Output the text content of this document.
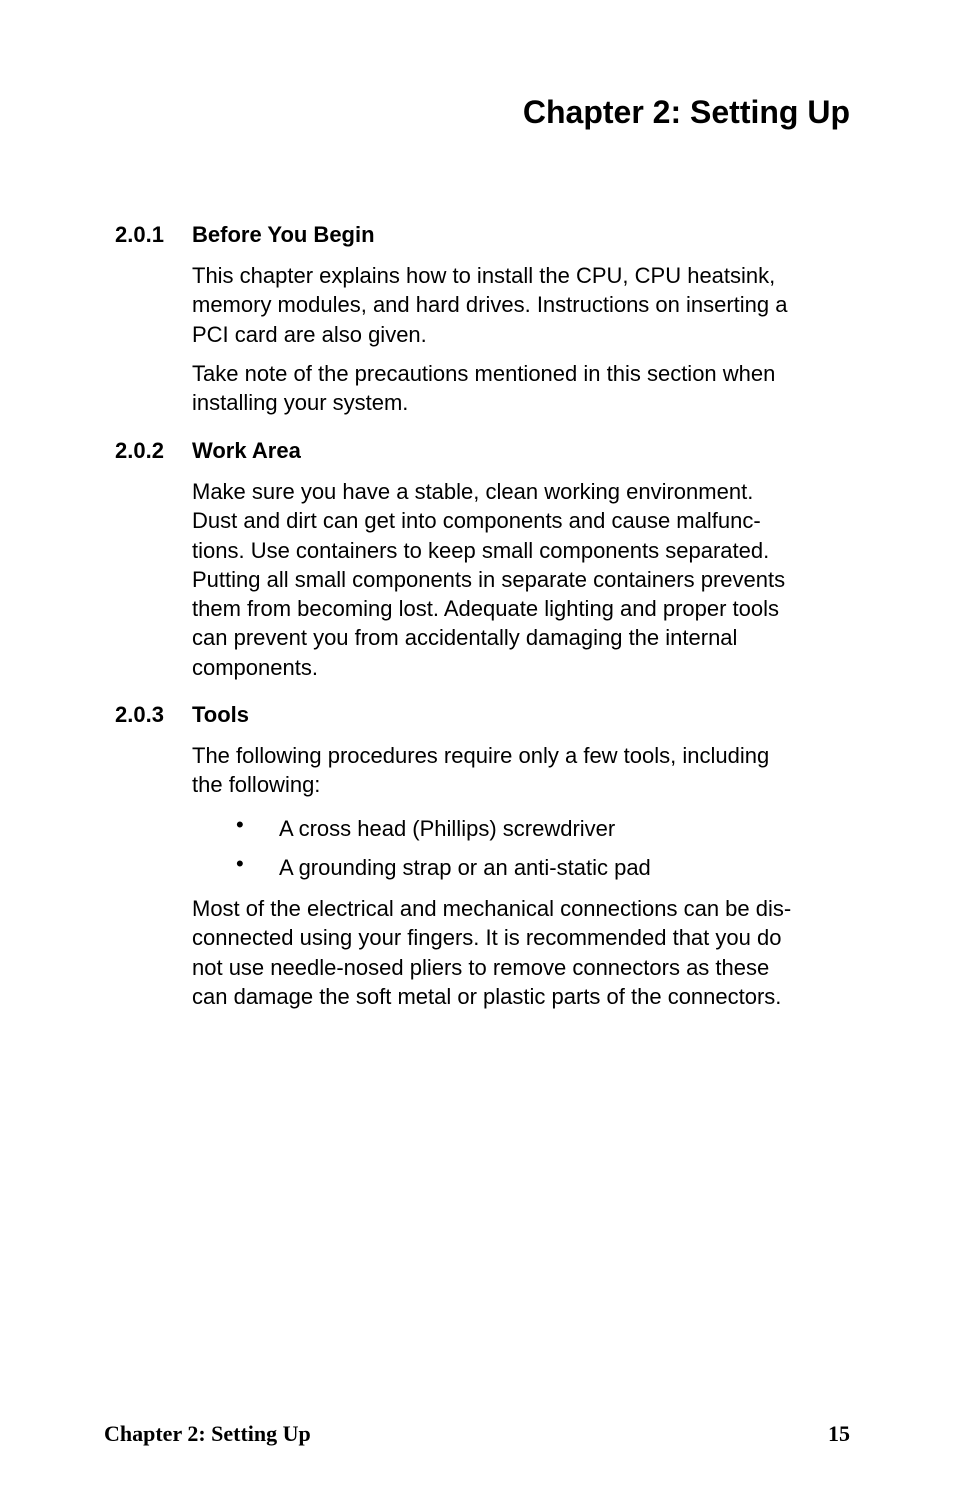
Chapter 2: Setting Up
2.0.1 Before You Begin

This chapter explains how to install the CPU, CPU heatsink,
memory modules, and hard drives. Instructions on inserting a
PCI card are also given.

Take note of the precautions mentioned in this section when
installing your system.

2.0.2 Work Area

Make sure you have a stable, clean working environment.
Dust and dirt can get into components and cause malfunc-
tions. Use containers to keep small components separated.
Putting all small components in separate containers prevents
them from becoming lost. Adequate lighting and proper tools
can prevent you from accidentally damaging the internal
components.

2.0.3 Tools

The following procedures require only a few tools, including
the following:

• A cross head (Phillips) screwdriver
• A grounding strap or an anti-static pad

Most of the electrical and mechanical connections can be dis-
connected using your fingers. It is recommended that you do
not use needle-nosed pliers to remove connectors as these
can damage the soft metal or plastic parts of the connectors.

Chapter 2: Setting Up	15
